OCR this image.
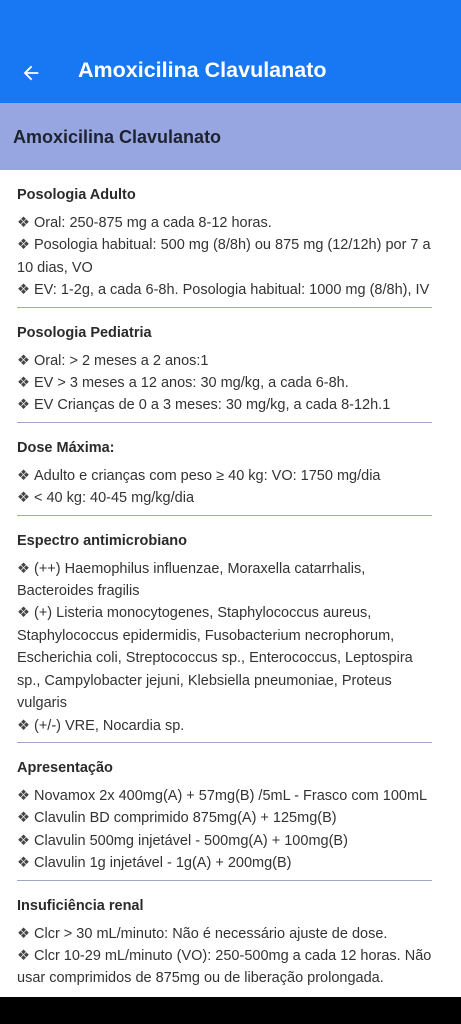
Amoxicilina Clavulanato
Amoxicilina Clavulanato
Posologia Adulto
❖ Oral: 250-875 mg a cada 8-12 horas.
❖ Posologia habitual: 500 mg (8/8h) ou 875 mg (12/12h) por 7 a 10 dias, VO
❖ EV: 1-2g, a cada 6-8h. Posologia habitual: 1000 mg (8/8h), IV
Posologia Pediatria
❖ Oral: > 2 meses a 2 anos:1
❖ EV > 3 meses a 12 anos: 30 mg/kg, a cada 6-8h.
❖ EV Crianças de 0 a 3 meses: 30 mg/kg, a cada 8-12h.1
Dose Máxima:
❖ Adulto e crianças com peso ≥ 40 kg: VO: 1750 mg/dia
❖ < 40 kg: 40-45 mg/kg/dia
Espectro antimicrobiano
❖ (++) Haemophilus influenzae, Moraxella catarrhalis, Bacteroides fragilis
❖ (+) Listeria monocytogenes, Staphylococcus aureus, Staphylococcus epidermidis, Fusobacterium necrophorum, Escherichia coli, Streptococcus sp., Enterococcus, Leptospira sp., Campylobacter jejuni, Klebsiella pneumoniae, Proteus vulgaris
❖ (+/-) VRE, Nocardia sp.
Apresentação
❖ Novamox 2x 400mg(A) + 57mg(B) /5mL - Frasco com 100mL
❖ Clavulin BD comprimido 875mg(A) + 125mg(B)
❖ Clavulin 500mg injetável - 500mg(A) + 100mg(B)
❖ Clavulin 1g injetável - 1g(A) + 200mg(B)
Insuficiência renal
❖ Clcr > 30 mL/minuto: Não é necessário ajuste de dose.
❖ Clcr 10-29 mL/minuto (VO): 250-500mg a cada 12 horas. Não usar comprimidos de 875mg ou de liberação prolongada.
